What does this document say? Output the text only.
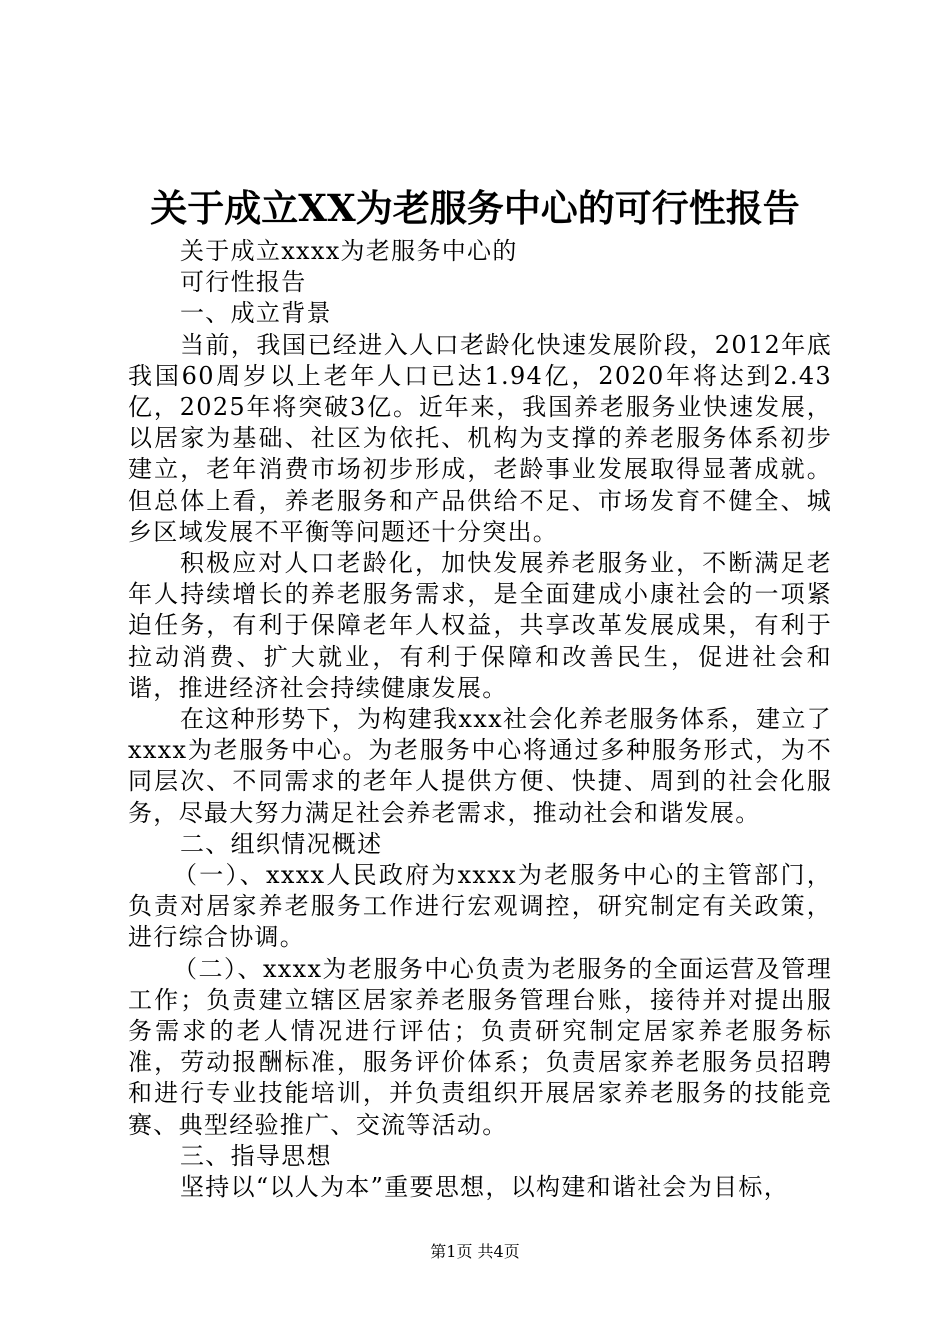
关于成立XX为老服务中心的可行性报告

关于成立xxxx为老服务中心的

可行性报告

一、成立背景

当前，我国已经进入人口老龄化快速发展阶段，2012年底我国60周岁以上老年人口已达1.94亿，2020年将达到2.43亿，2025年将突破3亿。近年来，我国养老服务业快速发展，以居家为基础、社区为依托、机构为支撑的养老服务体系初步建立，老年消费市场初步形成，老龄事业发展取得显著成就。但总体上看，养老服务和产品供给不足、市场发育不健全、城乡区域发展不平衡等问题还十分突出。

积极应对人口老龄化，加快发展养老服务业，不断满足老年人持续增长的养老服务需求，是全面建成小康社会的一项紧迫任务，有利于保障老年人权益，共享改革发展成果，有利于拉动消费、扩大就业，有利于保障和改善民生，促进社会和谐，推进经济社会持续健康发展。

在这种形势下，为构建我xxx社会化养老服务体系，建立了xxxx为老服务中心。为老服务中心将通过多种服务形式，为不同层次、不同需求的老年人提供方便、快捷、周到的社会化服务，尽最大努力满足社会养老需求，推动社会和谐发展。

二、组织情况概述

（一）、xxxx人民政府为xxxx为老服务中心的主管部门，负责对居家养老服务工作进行宏观调控，研究制定有关政策，进行综合协调。

（二）、xxxx为老服务中心负责为老服务的全面运营及管理工作；负责建立辖区居家养老服务管理台账，接待并对提出服务需求的老人情况进行评估；负责研究制定居家养老服务标准，劳动报酬标准，服务评价体系；负责居家养老服务员招聘和进行专业技能培训，并负责组织开展居家养老服务的技能竞赛、典型经验推广、交流等活动。

三、指导思想

坚持以“以人为本”重要思想，以构建和谐社会为目标，

第1页 共4页
